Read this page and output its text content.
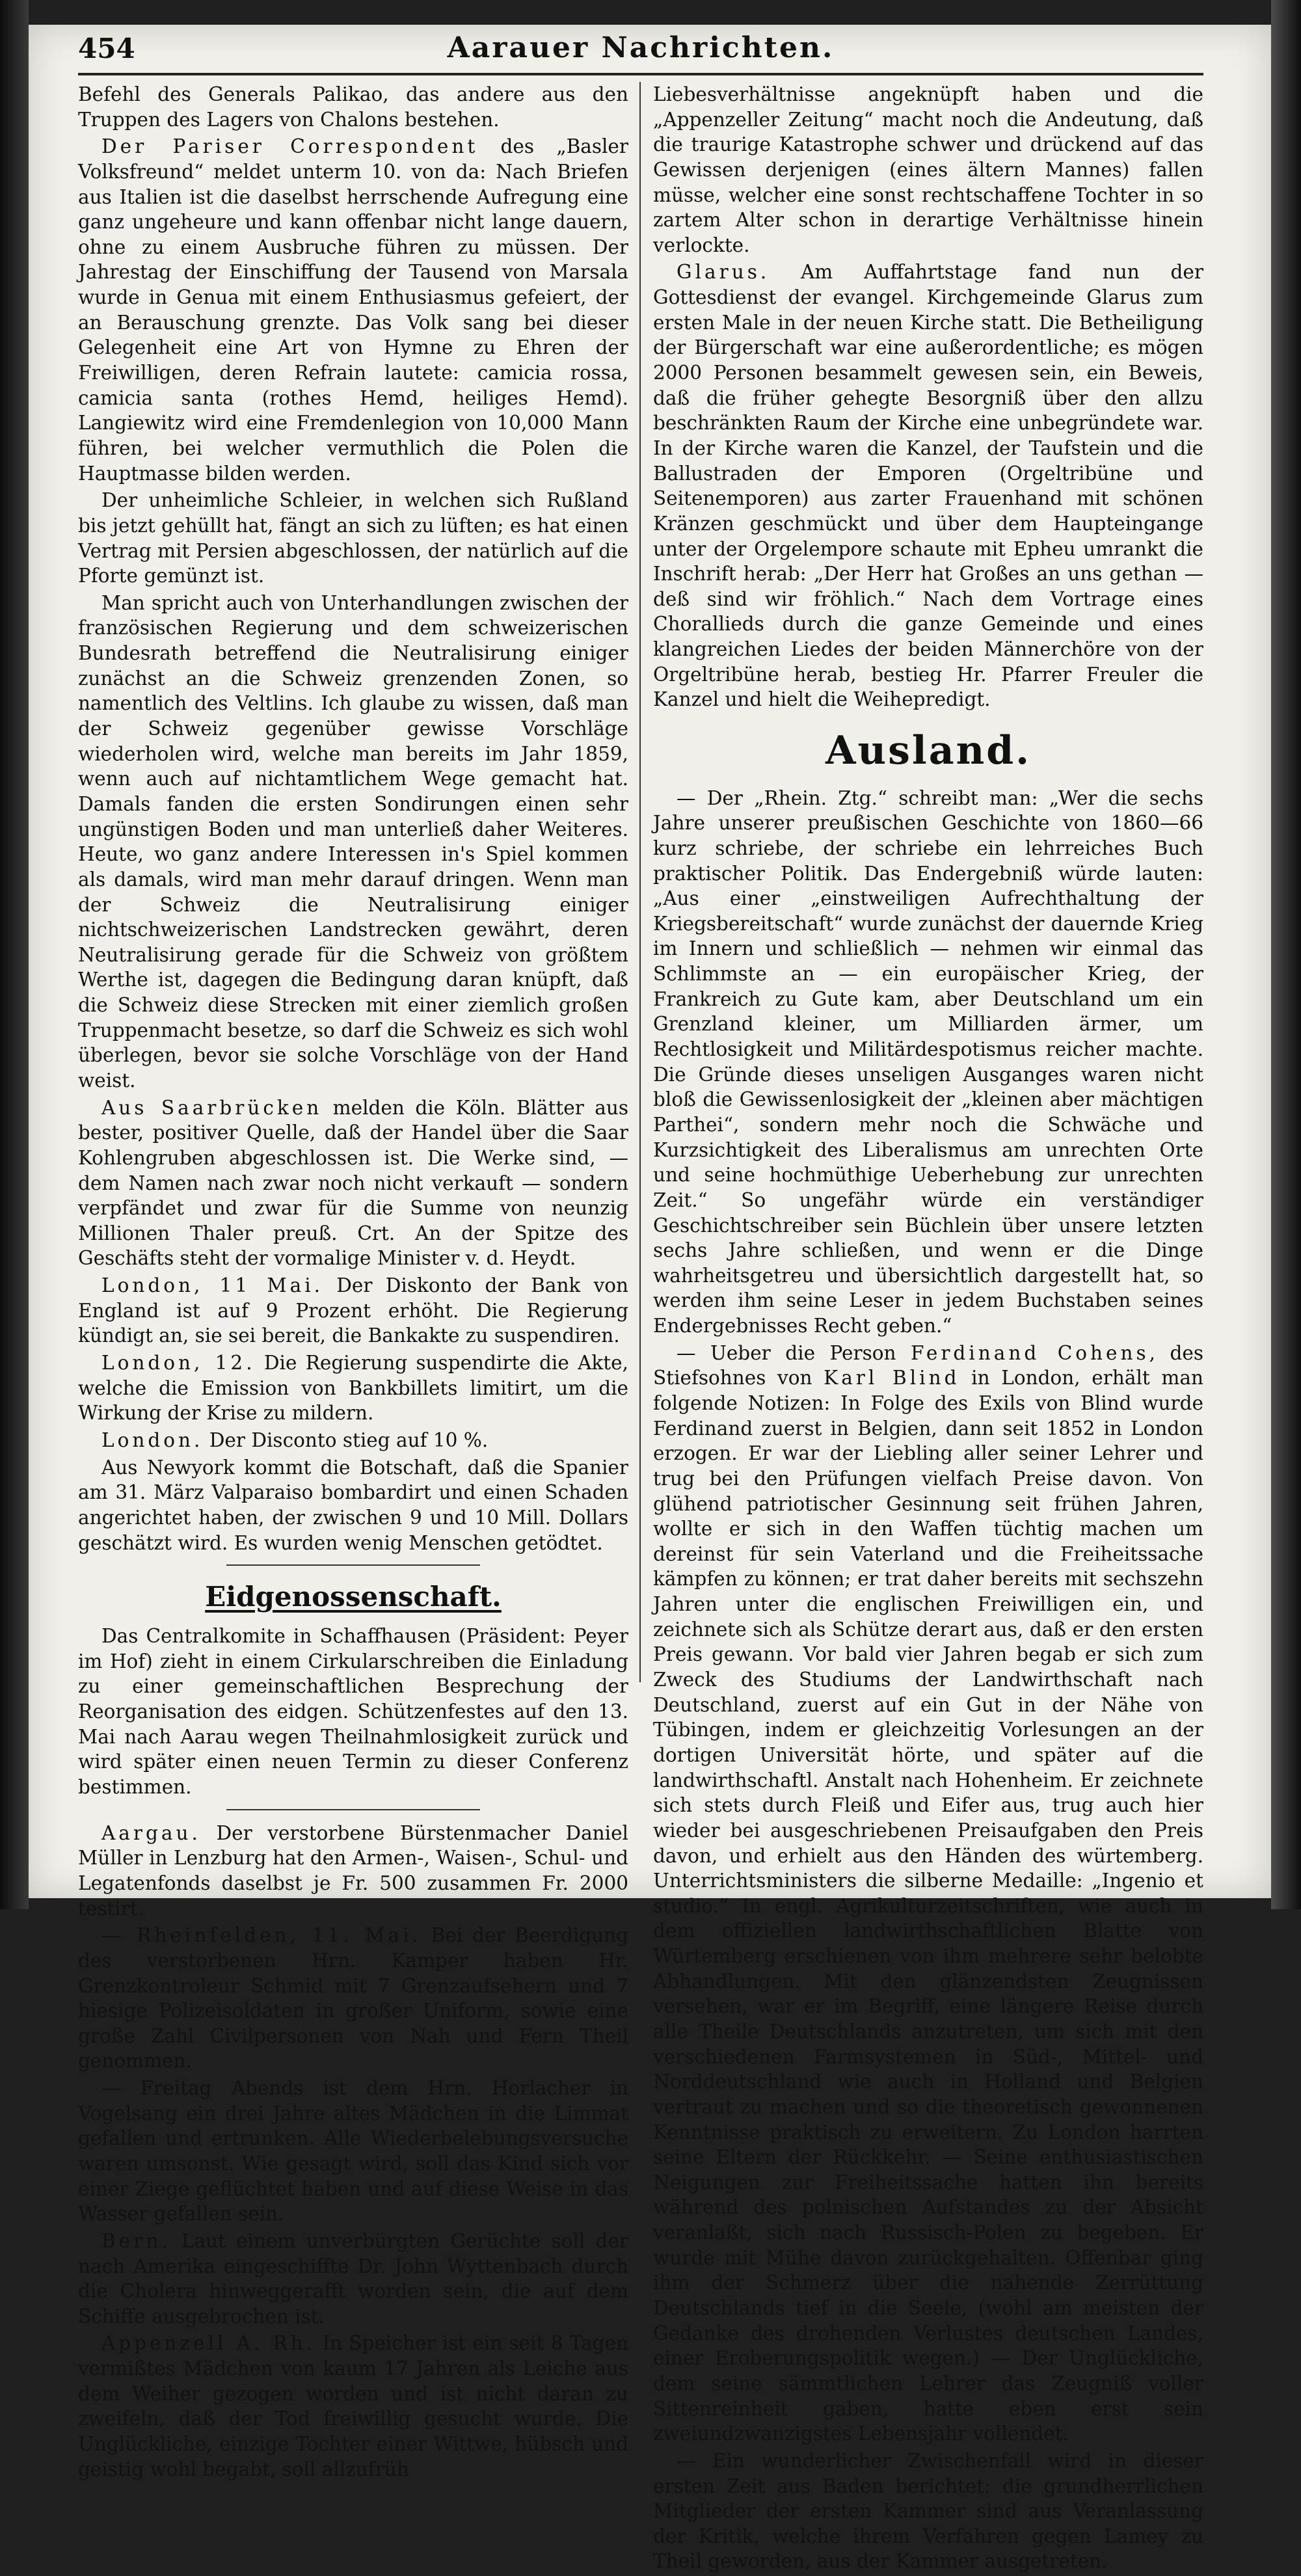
454	Aarauer Nachrichten.

Befehl des Generals Palikao, das andere aus den Truppen des Lagers von Chalons bestehen.

Der Pariser Correspondent des „Basler Volksfreund“ meldet unterm 10. von da: Nach Briefen aus Italien ist die daselbst herrschende Aufregung eine ganz ungeheure und kann offenbar nicht lange dauern, ohne zu einem Ausbruche führen zu müssen. Der Jahrestag der Einschiffung der Tausend von Marsala wurde in Genua mit einem Enthusiasmus gefeiert, der an Berauschung grenzte. Das Volk sang bei dieser Gelegenheit eine Art von Hymne zu Ehren der Freiwilligen, deren Refrain lautete: camicia rossa, camicia santa (rothes Hemd, heiliges Hemd). Langiewitz wird eine Fremdenlegion von 10,000 Mann führen, bei welcher vermuthlich die Polen die Hauptmasse bilden werden.

Der unheimliche Schleier, in welchen sich Rußland bis jetzt gehüllt hat, fängt an sich zu lüften; es hat einen Vertrag mit Persien abgeschlossen, der natürlich auf die Pforte gemünzt ist.

Man spricht auch von Unterhandlungen zwischen der französischen Regierung und dem schweizerischen Bundesrath betreffend die Neutralisirung einiger zunächst an die Schweiz grenzenden Zonen, so namentlich des Veltlins. Ich glaube zu wissen, daß man der Schweiz gegenüber gewisse Vorschläge wiederholen wird, welche man bereits im Jahr 1859, wenn auch auf nichtamtlichem Wege gemacht hat. Damals fanden die ersten Sondirungen einen sehr ungünstigen Boden und man unterließ daher Weiteres. Heute, wo ganz andere Interessen in's Spiel kommen als damals, wird man mehr darauf dringen. Wenn man der Schweiz die Neutralisirung einiger nichtschweizerischen Landstrecken gewährt, deren Neutralisirung gerade für die Schweiz von größtem Werthe ist, dagegen die Bedingung daran knüpft, daß die Schweiz diese Strecken mit einer ziemlich großen Truppenmacht besetze, so darf die Schweiz es sich wohl überlegen, bevor sie solche Vorschläge von der Hand weist.

Aus Saarbrücken melden die Köln. Blätter aus bester, positiver Quelle, daß der Handel über die Saar Kohlengruben abgeschlossen ist. Die Werke sind, — dem Namen nach zwar noch nicht verkauft — sondern verpfändet und zwar für die Summe von neunzig Millionen Thaler preuß. Crt. An der Spitze des Geschäfts steht der vormalige Minister v. d. Heydt.

London, 11 Mai. Der Diskonto der Bank von England ist auf 9 Prozent erhöht. Die Regierung kündigt an, sie sei bereit, die Bankakte zu suspendiren.

London, 12. Die Regierung suspendirte die Akte, welche die Emission von Bankbillets limitirt, um die Wirkung der Krise zu mildern.

London. Der Disconto stieg auf 10 %.

Aus Newyork kommt die Botschaft, daß die Spanier am 31. März Valparaiso bombardirt und einen Schaden angerichtet haben, der zwischen 9 und 10 Mill. Dollars geschätzt wird. Es wurden wenig Menschen getödtet.

Eidgenossenschaft.

Das Centralkomite in Schaffhausen (Präsident: Peyer im Hof) zieht in einem Cirkularschreiben die Einladung zu einer gemeinschaftlichen Besprechung der Reorganisation des eidgen. Schützenfestes auf den 13. Mai nach Aarau wegen Theilnahmlosigkeit zurück und wird später einen neuen Termin zu dieser Conferenz bestimmen.

Aargau. Der verstorbene Bürstenmacher Daniel Müller in Lenzburg hat den Armen-, Waisen-, Schul- und Legatenfonds daselbst je Fr. 500 zusammen Fr. 2000 testirt.

— Rheinfelden, 11. Mai. Bei der Beerdigung des verstorbenen Hrn. Kamper haben Hr. Grenzkontroleur Schmid mit 7 Grenzaufsehern und 7 hiesige Polizeisoldaten in großer Uniform, sowie eine große Zahl Civilpersonen von Nah und Fern Theil genommen.

— Freitag Abends ist dem Hrn. Horlacher in Vogelsang ein drei Jahre altes Mädchen in die Limmat gefallen und ertrunken. Alle Wiederbelebungsversuche waren umsonst. Wie gesagt wird, soll das Kind sich vor einer Ziege geflüchtet haben und auf diese Weise in das Wasser gefallen sein.

Bern. Laut einem unverbürgten Gerüchte soll der nach Amerika eingeschiffte Dr. John Wyttenbach durch die Cholera hinweggerafft worden sein, die auf dem Schiffe ausgebrochen ist.

Appenzell A. Rh. In Speicher ist ein seit 8 Tagen vermißtes Mädchen von kaum 17 Jahren als Leiche aus dem Weiher gezogen worden und ist nicht daran zu zweifeln, daß der Tod freiwillig gesucht wurde. Die Unglückliche, einzige Tochter einer Wittwe, hübsch und geistig wohl begabt, soll allzufrüh

Liebesverhältnisse angeknüpft haben und die „Appenzeller Zeitung“ macht noch die Andeutung, daß die traurige Katastrophe schwer und drückend auf das Gewissen derjenigen (eines ältern Mannes) fallen müsse, welcher eine sonst rechtschaffene Tochter in so zartem Alter schon in derartige Verhältnisse hinein verlockte.

Glarus. Am Auffahrtstage fand nun der Gottesdienst der evangel. Kirchgemeinde Glarus zum ersten Male in der neuen Kirche statt. Die Betheiligung der Bürgerschaft war eine außerordentliche; es mögen 2000 Personen besammelt gewesen sein, ein Beweis, daß die früher gehegte Besorgniß über den allzu beschränkten Raum der Kirche eine unbegründete war. In der Kirche waren die Kanzel, der Taufstein und die Ballustraden der Emporen (Orgeltribüne und Seitenemporen) aus zarter Frauenhand mit schönen Kränzen geschmückt und über dem Haupteingange unter der Orgelempore schaute mit Epheu umrankt die Inschrift herab: „Der Herr hat Großes an uns gethan — deß sind wir fröhlich.“ Nach dem Vortrage eines Chorallieds durch die ganze Gemeinde und eines klangreichen Liedes der beiden Männerchöre von der Orgeltribüne herab, bestieg Hr. Pfarrer Freuler die Kanzel und hielt die Weihepredigt.

Ausland.

— Der „Rhein. Ztg.“ schreibt man: „Wer die sechs Jahre unserer preußischen Geschichte von 1860—66 kurz schriebe, der schriebe ein lehrreiches Buch praktischer Politik. Das Endergebniß würde lauten: „Aus einer „einstweiligen Aufrechthaltung der Kriegsbereitschaft“ wurde zunächst der dauernde Krieg im Innern und schließlich — nehmen wir einmal das Schlimmste an — ein europäischer Krieg, der Frankreich zu Gute kam, aber Deutschland um ein Grenzland kleiner, um Milliarden ärmer, um Rechtlosigkeit und Militärdespotismus reicher machte. Die Gründe dieses unseligen Ausganges waren nicht bloß die Gewissenlosigkeit der „kleinen aber mächtigen Parthei“, sondern mehr noch die Schwäche und Kurzsichtigkeit des Liberalismus am unrechten Orte und seine hochmüthige Ueberhebung zur unrechten Zeit.“ So ungefähr würde ein verständiger Geschichtschreiber sein Büchlein über unsere letzten sechs Jahre schließen, und wenn er die Dinge wahrheitsgetreu und übersichtlich dargestellt hat, so werden ihm seine Leser in jedem Buchstaben seines Endergebnisses Recht geben.“

— Ueber die Person Ferdinand Cohens, des Stiefsohnes von Karl Blind in London, erhält man folgende Notizen: In Folge des Exils von Blind wurde Ferdinand zuerst in Belgien, dann seit 1852 in London erzogen. Er war der Liebling aller seiner Lehrer und trug bei den Prüfungen vielfach Preise davon. Von glühend patriotischer Gesinnung seit frühen Jahren, wollte er sich in den Waffen tüchtig machen um dereinst für sein Vaterland und die Freiheitssache kämpfen zu können; er trat daher bereits mit sechszehn Jahren unter die englischen Freiwilligen ein, und zeichnete sich als Schütze derart aus, daß er den ersten Preis gewann. Vor bald vier Jahren begab er sich zum Zweck des Studiums der Landwirthschaft nach Deutschland, zuerst auf ein Gut in der Nähe von Tübingen, indem er gleichzeitig Vorlesungen an der dortigen Universität hörte, und später auf die landwirthschaftl. Anstalt nach Hohenheim. Er zeichnete sich stets durch Fleiß und Eifer aus, trug auch hier wieder bei ausgeschriebenen Preisaufgaben den Preis davon, und erhielt aus den Händen des würtemberg. Unterrichtsministers die silberne Medaille: „Ingenio et studio.“ In engl. Agrikulturzeitschriften, wie auch in dem offiziellen landwirthschaftlichen Blatte von Würtemberg erschienen von ihm mehrere sehr belobte Abhandlungen. Mit den glänzendsten Zeugnissen versehen, war er im Begriff, eine längere Reise durch alle Theile Deutschlands anzutreten, um sich mit den verschiedenen Farmsystemen in Süd-, Mittel- und Norddeutschland wie auch in Holland und Belgien vertraut zu machen und so die theoretisch gewonnenen Kenntnisse praktisch zu erweitern. Zu London harrten seine Eltern der Rückkehr. — Seine enthusiastischen Neigungen zur Freiheitssache hatten ihn bereits während des polnischen Aufstandes zu der Absicht veranlaßt, sich nach Russisch-Polen zu begeben. Er wurde mit Mühe davon zurückgehalten. Offenbar ging ihm der Schmerz über die nahende Zerrüttung Deutschlands tief in die Seele, (wohl am meisten der Gedanke des drohenden Verlustes deutschen Landes, einer Eroberungspolitik wegen.) — Der Unglückliche, dem seine sämmtlichen Lehrer das Zeugniß voller Sittenreinheit gaben, hatte eben erst sein zweiundzwanzigstes Lebensjahr vollendet.

— Ein wunderlicher Zwischenfall wird in dieser ersten Zeit aus Baden berichtet: die grundherrlichen Mitglieder der ersten Kammer sind aus Veranlassung der Kritik, welche ihrem Verfahren gegen Lamey zu Theil geworden, aus der Kammer ausgetreten.
